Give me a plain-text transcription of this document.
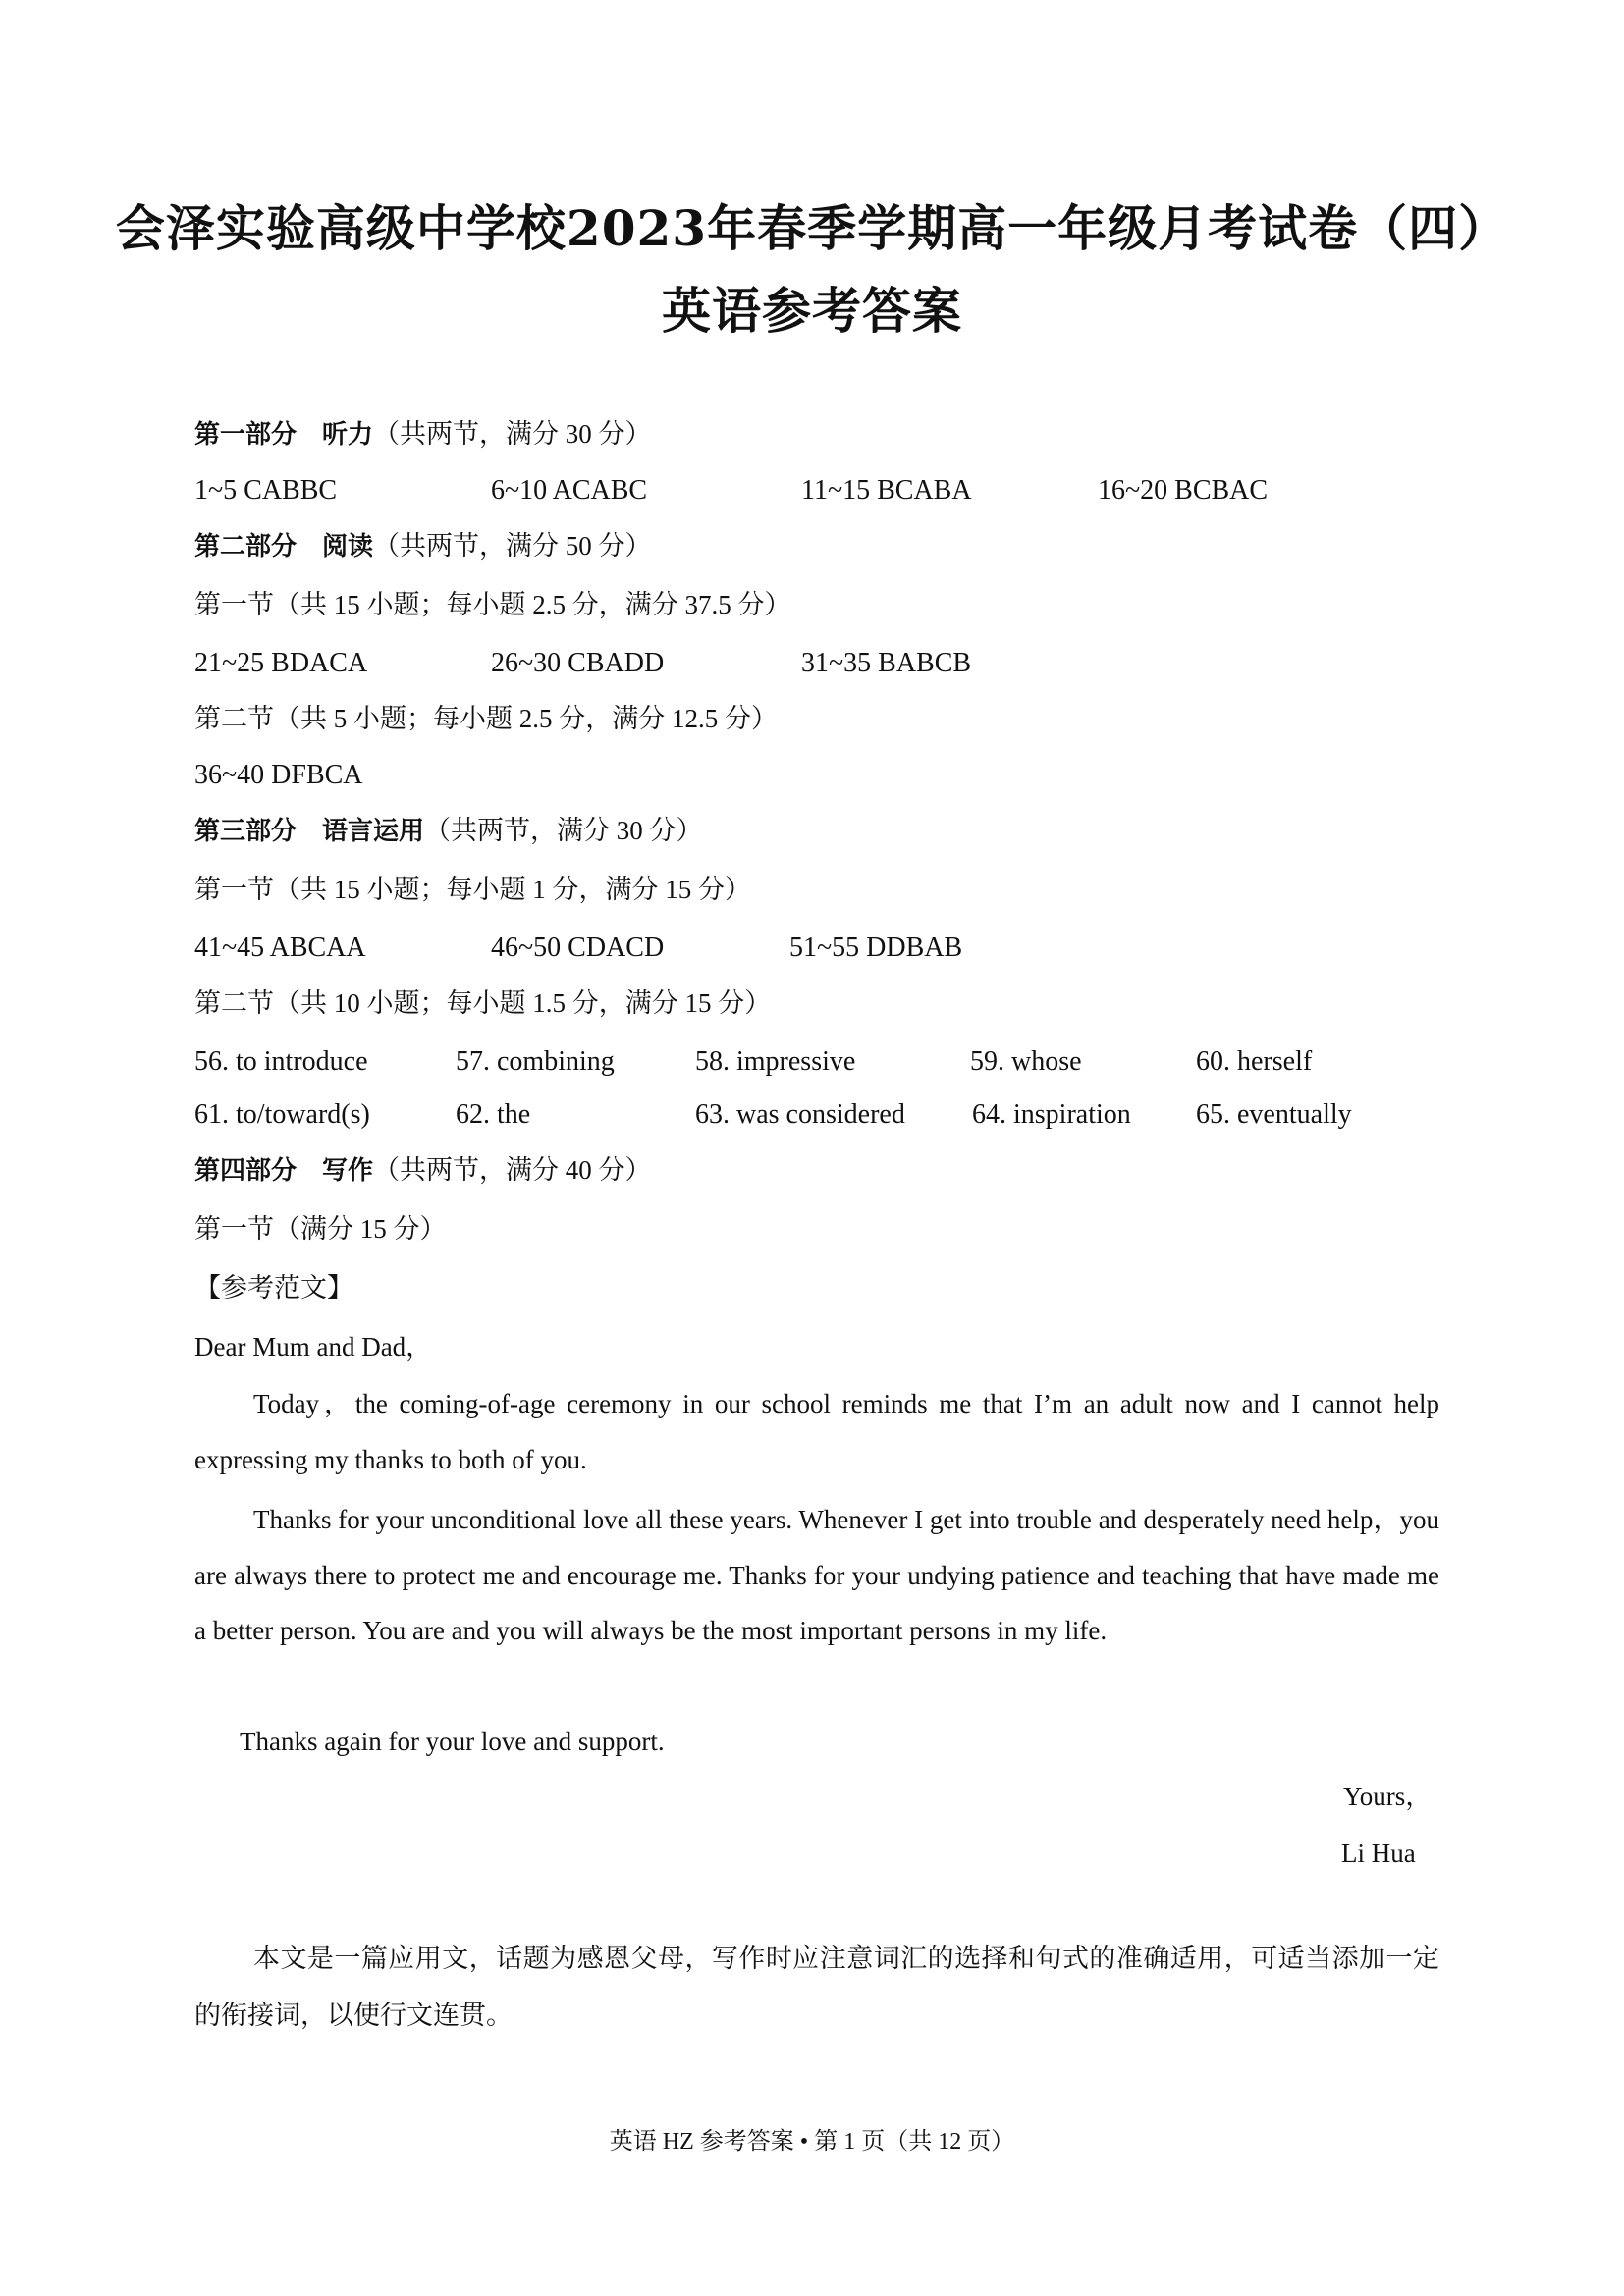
会泽实验高级中学校2023年春季学期高一年级月考试卷（四）
英语参考答案
第一部分 听力（共两节，满分 30 分）
1~5 CABBC	6~10 ACABC	11~15 BCABA	16~20 BCBAC
第二部分 阅读（共两节，满分 50 分）
第一节（共 15 小题；每小题 2.5 分，满分 37.5 分）
21~25 BDACA	26~30 CBADD	31~35 BABCB
第二节（共 5 小题；每小题 2.5 分，满分 12.5 分）
36~40 DFBCA
第三部分 语言运用（共两节，满分 30 分）
第一节（共 15 小题；每小题 1 分，满分 15 分）
41~45 ABCAA	46~50 CDACD	51~55 DDBAB
第二节（共 10 小题；每小题 1.5 分，满分 15 分）
56. to introduce	57. combining	58. impressive	59. whose	60. herself
61. to/toward(s)	62. the	63. was considered 64. inspiration 65. eventually
第四部分 写作（共两节，满分 40 分）
第一节（满分 15 分）
【参考范文】
Dear Mum and Dad，
Today，the coming-of-age ceremony in our school reminds me that I’m an adult now and I cannot help expressing my thanks to both of you.
Thanks for your unconditional love all these years. Whenever I get into trouble and desperately need help，you are always there to protect me and encourage me. Thanks for your undying patience and teaching that have made me a better person. You are and you will always be the most important persons in my life.
Thanks again for your love and support.
Yours，
Li Hua
本文是一篇应用文，话题为感恩父母，写作时应注意词汇的选择和句式的准确适用，可适当添加一定的衔接词，以使行文连贯。
英语 HZ 参考答案 • 第 1 页（共 12 页）
